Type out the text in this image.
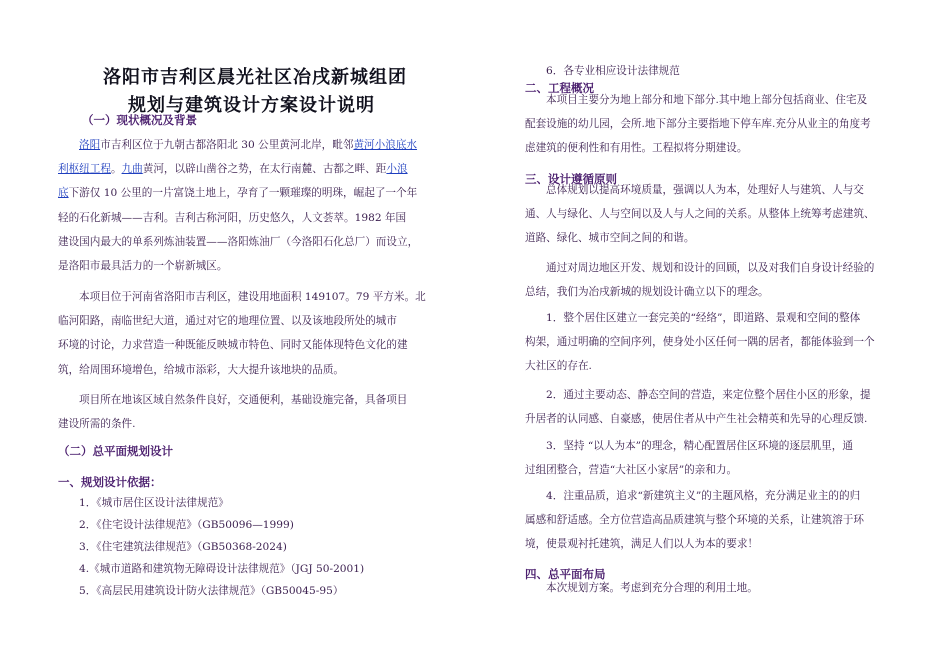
洛阳市吉利区晨光社区冶戌新城组团
规划与建筑设计方案设计说明
（一）现状概况及背景
洛阳市吉利区位于九朝古都洛阳北 30 公里黄河北岸，毗邻黄河小浪底水
利枢纽工程。九曲黄河，以辟山凿谷之势，在太行南麓、古都之畔、距小浪
底下游仅 10 公里的一片富饶土地上，孕育了一颗璀璨的明珠，崛起了一个年
轻的石化新城——吉利。吉利古称河阳，历史悠久，人文荟萃。1982 年国
建设国内最大的单系列炼油装置——洛阳炼油厂（今洛阳石化总厂）而设立，
是洛阳市最具活力的一个崭新城区。
本项目位于河南省洛阳市吉利区，建设用地面积 149107。79 平方米。北
临河阳路，南临世纪大道，通过对它的地理位置、以及该地段所处的城市
环境的讨论，力求营造一种既能反映城市特色、同时又能体现特色文化的建
筑，给周围环境增色，给城市添彩，大大提升该地块的品质。
项目所在地该区域自然条件良好，交通便利，基础设施完备，具备项目
建设所需的条件.
（二）总平面规划设计
一、规划设计依据：
1．《城市居住区设计法律规范》
2．《住宅设计法律规范》（GB50096—1999)
3．《住宅建筑法律规范》（GB50368-2024)
4.《城市道路和建筑物无障碍设计法律规范》（JGJ 50-2001)
5．《高层民用建筑设计防火法律规范》（GB50045-95）
6．各专业相应设计法律规范
二、工程概况
本项目主要分为地上部分和地下部分.其中地上部分包括商业、住宅及
配套设施的幼儿园，会所.地下部分主要指地下停车库.充分从业主的角度考
虑建筑的便利性和有用性。工程拟将分期建设。
三、设计遵循原则
总体规划以提高环境质量，强调以人为本，处理好人与建筑、人与交
通、人与绿化、人与空间以及人与人之间的关系。从整体上统筹考虑建筑、
道路、绿化、城市空间之间的和谐。
通过对周边地区开发、规划和设计的回顾，以及对我们自身设计经验的
总结，我们为冶戌新城的规划设计确立以下的理念。
1．整个居住区建立一套完美的“经络”，即道路、景观和空间的整体
构架，通过明确的空间序列，使身处小区任何一隅的居者，都能体验到一个
大社区的存在.
2．通过主要动态、静态空间的营造，来定位整个居住小区的形象，提
升居者的认同感、自豪感，使居住者从中产生社会精英和先导的心理反馈.
3．坚持 “以人为本”的理念，精心配置居住区环境的逐层肌里，通
过组团整合，营造“大社区小家居”的亲和力。
4．注重品质，追求“新建筑主义”的主题风格，充分满足业主的的归
属感和舒适感。全方位营造高品质建筑与整个环境的关系，让建筑溶于环
境，使景观衬托建筑，满足人们以人为本的要求！
四、总平面布局
本次规划方案。考虑到充分合理的利用土地。
